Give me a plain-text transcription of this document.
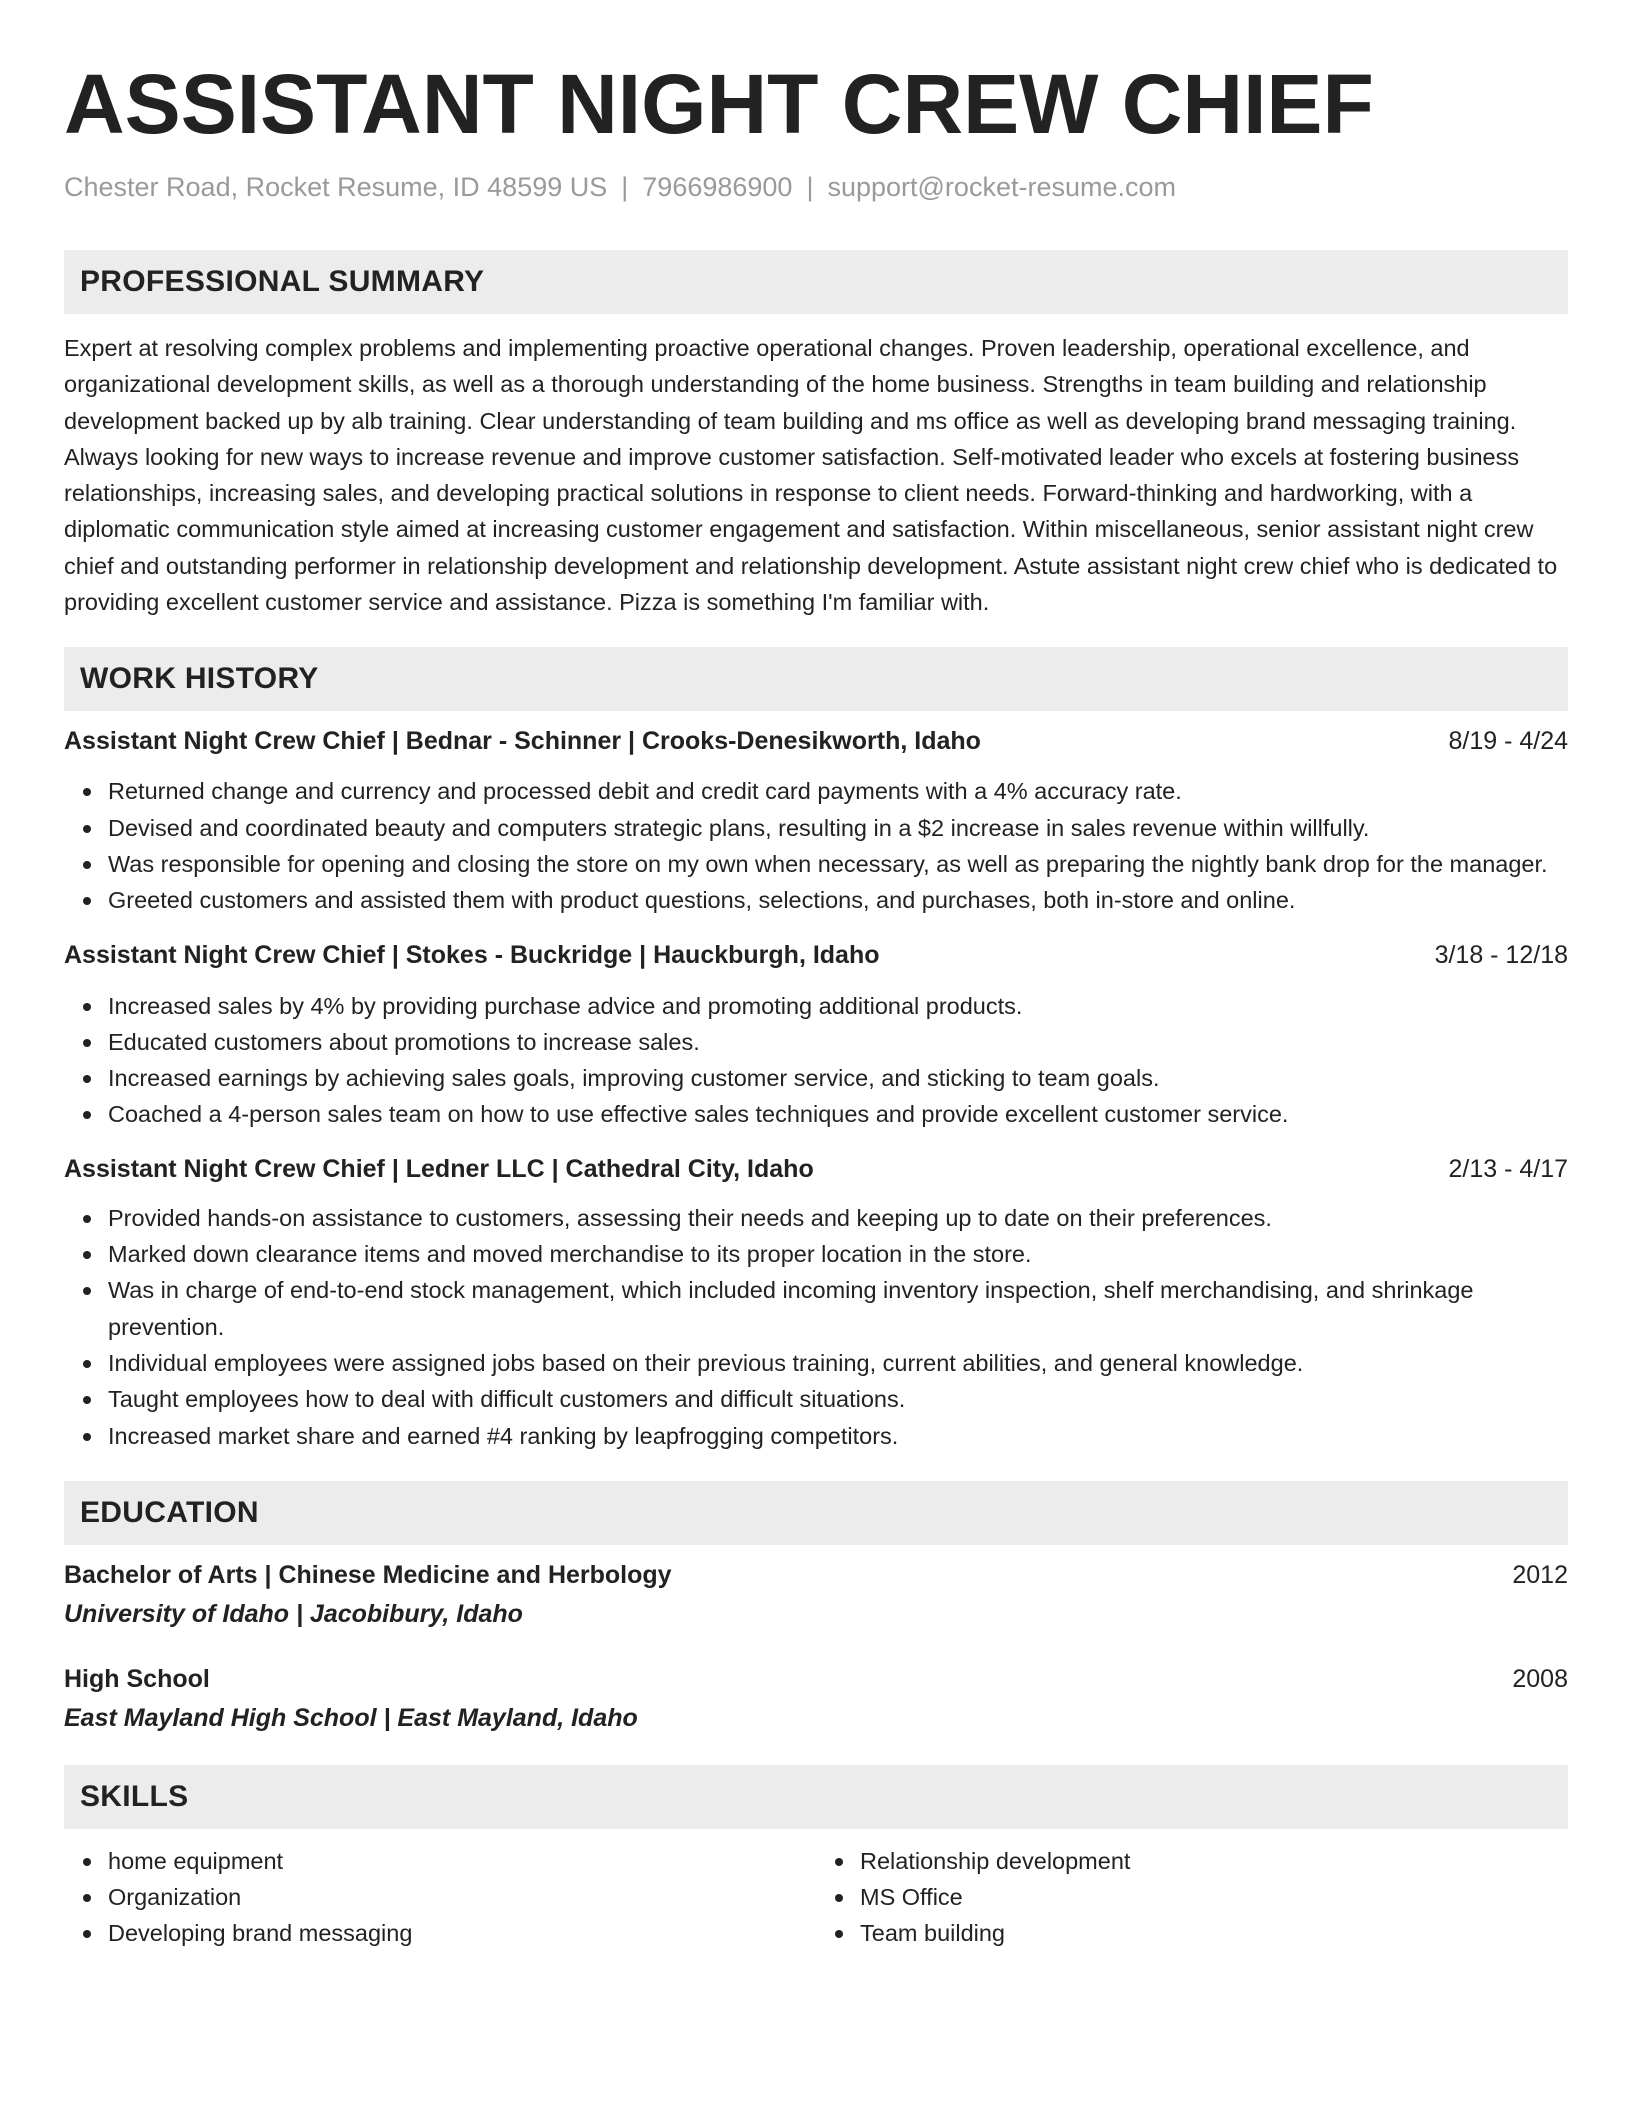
ASSISTANT NIGHT CREW CHIEF
Chester Road, Rocket Resume, ID 48599 US | 7966986900 | support@rocket-resume.com
PROFESSIONAL SUMMARY

Expert at resolving complex problems and implementing proactive operational changes. Proven leadership, operational excellence, and organizational development skills, as well as a thorough understanding of the home business. Strengths in team building and relationship development backed up by alb training. Clear understanding of team building and ms office as well as developing brand messaging training. Always looking for new ways to increase revenue and improve customer satisfaction. Self-motivated leader who excels at fostering business relationships, increasing sales, and developing practical solutions in response to client needs. Forward-thinking and hardworking, with a diplomatic communication style aimed at increasing customer engagement and satisfaction. Within miscellaneous, senior assistant night crew chief and outstanding performer in relationship development and relationship development. Astute assistant night crew chief who is dedicated to providing excellent customer service and assistance. Pizza is something I'm familiar with.

WORK HISTORY
Assistant Night Crew Chief | Bednar - Schinner | Crooks-Denesikworth, Idaho	8/19 - 4/24
Returned change and currency and processed debit and credit card payments with a 4% accuracy rate.
Devised and coordinated beauty and computers strategic plans, resulting in a $2 increase in sales revenue within willfully.
Was responsible for opening and closing the store on my own when necessary, as well as preparing the nightly bank drop for the manager.
Greeted customers and assisted them with product questions, selections, and purchases, both in-store and online.
Assistant Night Crew Chief | Stokes - Buckridge | Hauckburgh, Idaho	3/18 - 12/18
Increased sales by 4% by providing purchase advice and promoting additional products.
Educated customers about promotions to increase sales.
Increased earnings by achieving sales goals, improving customer service, and sticking to team goals.
Coached a 4-person sales team on how to use effective sales techniques and provide excellent customer service.
Assistant Night Crew Chief | Ledner LLC | Cathedral City, Idaho	2/13 - 4/17
Provided hands-on assistance to customers, assessing their needs and keeping up to date on their preferences.
Marked down clearance items and moved merchandise to its proper location in the store.
Was in charge of end-to-end stock management, which included incoming inventory inspection, shelf merchandising, and shrinkage prevention.
Individual employees were assigned jobs based on their previous training, current abilities, and general knowledge.
Taught employees how to deal with difficult customers and difficult situations.
Increased market share and earned #4 ranking by leapfrogging competitors.
EDUCATION
Bachelor of Arts | Chinese Medicine and Herbology	2012
University of Idaho | Jacobibury, Idaho
High School	2008
East Mayland High School | East Mayland, Idaho
SKILLS
home equipment
Organization
Developing brand messaging
Relationship development
MS Office
Team building
